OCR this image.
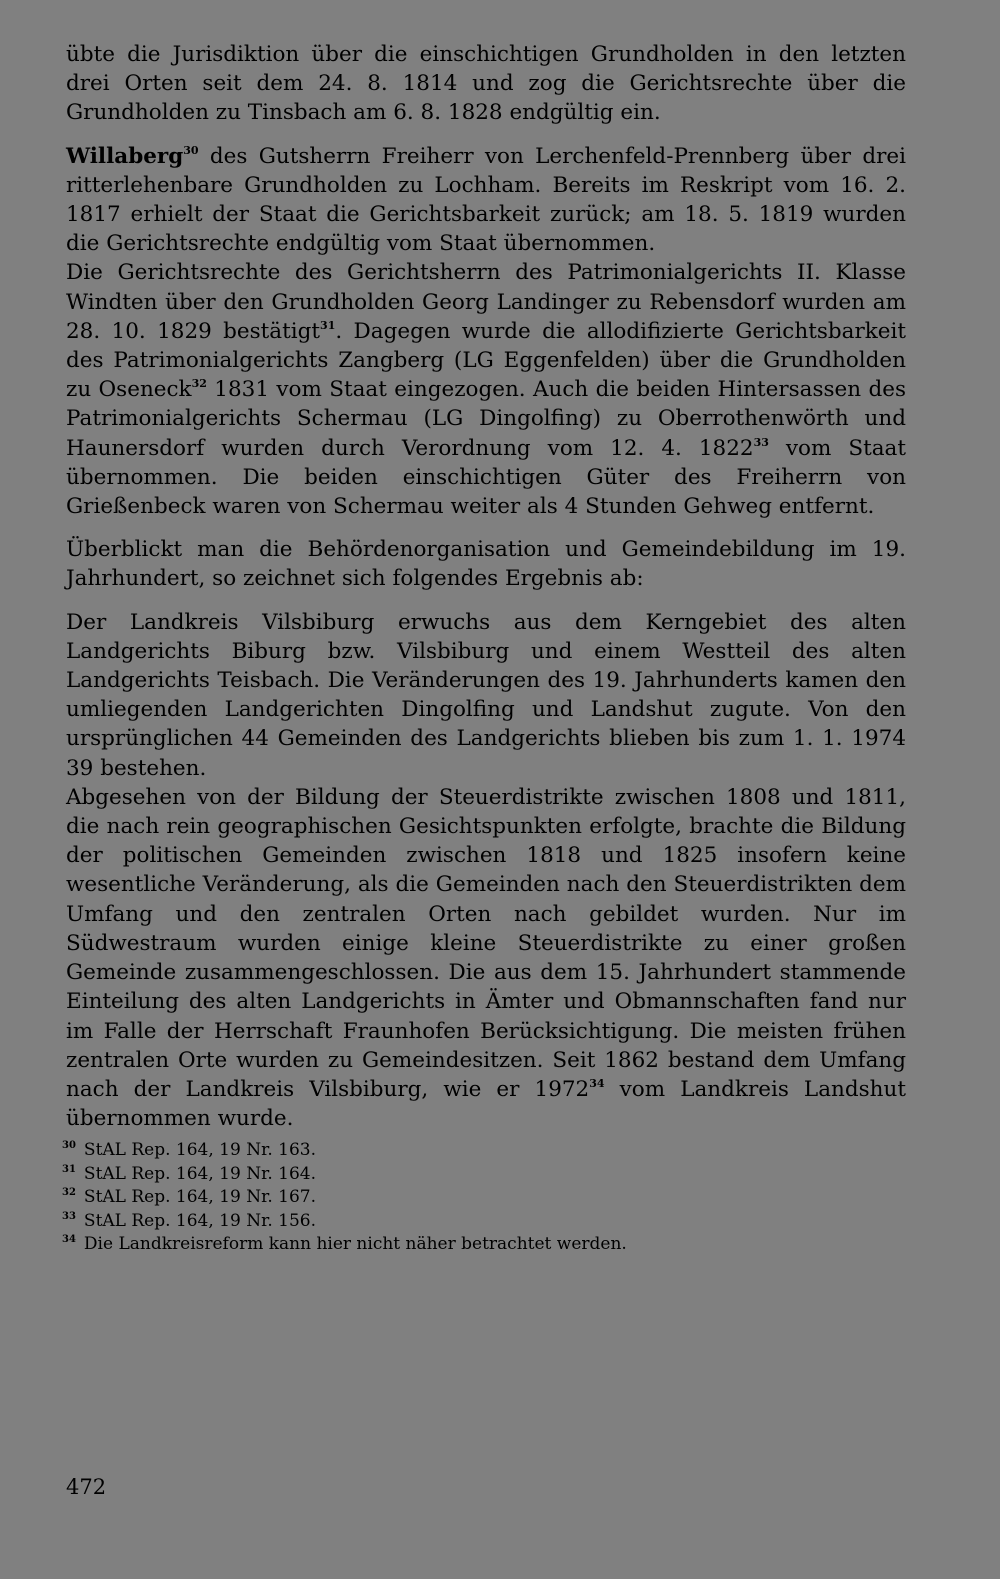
übte die Jurisdiktion über die einschichtigen Grundholden in den letzten drei Orten seit dem 24. 8. 1814 und zog die Gerichtsrechte über die Grundholden zu Tinsbach am 6. 8. 1828 endgültig ein.

Willaberg$^{30}$ des Gutsherrn Freiherr von Lerchenfeld-Prennberg über drei ritterlehenbare Grundholden zu Lochham. Bereits im Reskript vom 16. 2. 1817 erhielt der Staat die Gerichtsbarkeit zurück; am 18. 5. 1819 wurden die Gerichtsrechte endgültig vom Staat übernommen.

Die Gerichtsrechte des Gerichtsherrn des Patrimonialgerichts II. Klasse Windten über den Grundholden Georg Landinger zu Rebensdorf wurden am 28. 10. 1829 bestätigt$^{31}$. Dagegen wurde die allodifizierte Gerichtsbarkeit des Patrimonialgerichts Zangberg (LG Eggenfelden) über die Grundholden zu Oseneck$^{32}$ 1831 vom Staat eingezogen. Auch die beiden Hintersassen des Patrimonialgerichts Schermau (LG Dingolfing) zu Oberrothenwörth und Haunersdorf wurden durch Verordnung vom 12. 4. 1822$^{33}$ vom Staat übernommen. Die beiden einschichtigen Güter des Freiherrn von Grießenbeck waren von Schermau weiter als 4 Stunden Gehweg entfernt.

Überblickt man die Behördenorganisation und Gemeindebildung im 19. Jahrhundert, so zeichnet sich folgendes Ergebnis ab:

Der Landkreis Vilsbiburg erwuchs aus dem Kerngebiet des alten Landgerichts Biburg bzw. Vilsbiburg und einem Westteil des alten Landgerichts Teisbach. Die Veränderungen des 19. Jahrhunderts kamen den umliegenden Landgerichten Dingolfing und Landshut zugute. Von den ursprünglichen 44 Gemeinden des Landgerichts blieben bis zum 1. 1. 1974 39 bestehen.

Abgesehen von der Bildung der Steuerdistrikte zwischen 1808 und 1811, die nach rein geographischen Gesichtspunkten erfolgte, brachte die Bildung der politischen Gemeinden zwischen 1818 und 1825 insofern keine wesentliche Veränderung, als die Gemeinden nach den Steuerdistrikten dem Umfang und den zentralen Orten nach gebildet wurden. Nur im Südwestraum wurden einige kleine Steuerdistrikte zu einer großen Gemeinde zusammengeschlossen. Die aus dem 15. Jahrhundert stammende Einteilung des alten Landgerichts in Ämter und Obmannschaften fand nur im Falle der Herrschaft Fraunhofen Berücksichtigung. Die meisten frühen zentralen Orte wurden zu Gemeindesitzen. Seit 1862 bestand dem Umfang nach der Landkreis Vilsbiburg, wie er 1972$^{34}$ vom Landkreis Landshut übernommen wurde.

$^{30}$ StAL Rep. 164, 19 Nr. 163.
$^{31}$ StAL Rep. 164, 19 Nr. 164.
$^{32}$ StAL Rep. 164, 19 Nr. 167.
$^{33}$ StAL Rep. 164, 19 Nr. 156.
$^{34}$ Die Landkreisreform kann hier nicht näher betrachtet werden.
472
